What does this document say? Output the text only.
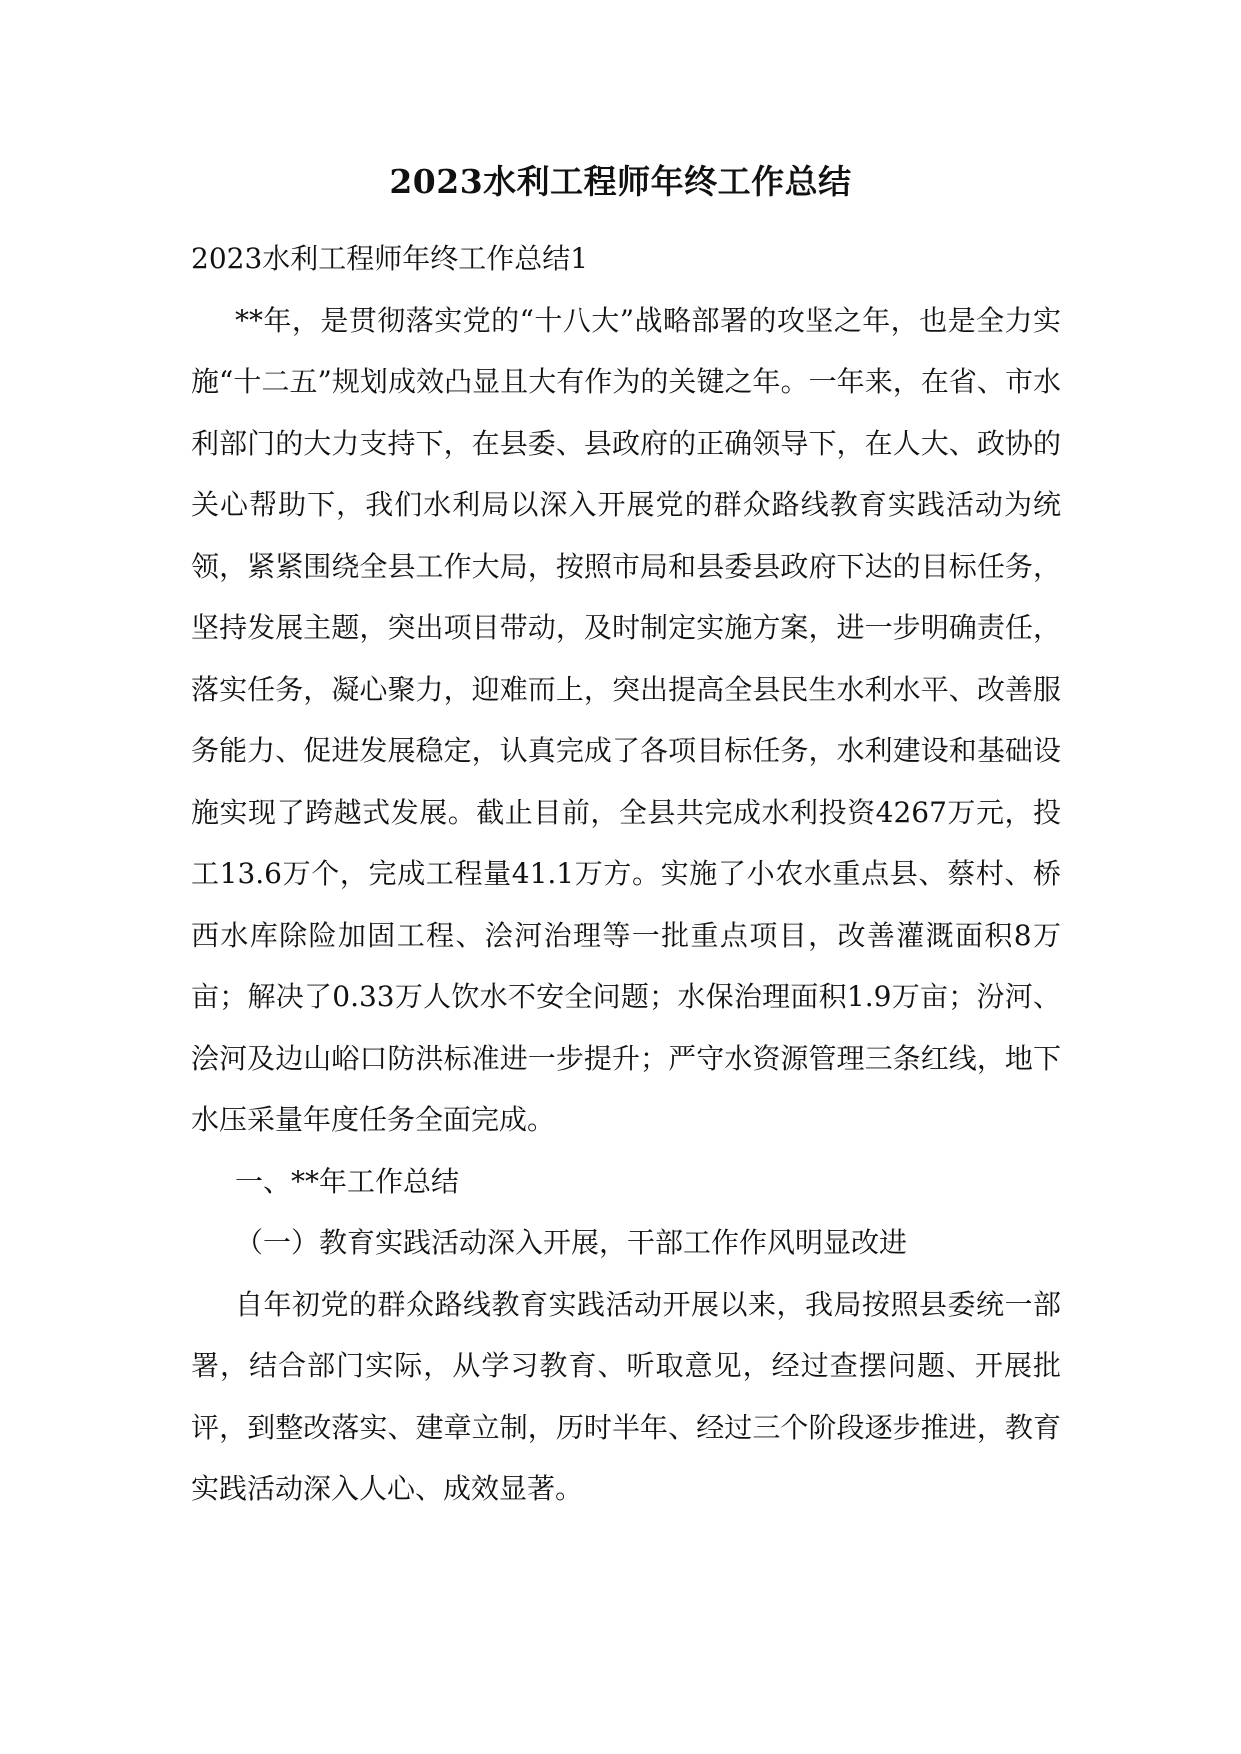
2023水利工程师年终工作总结

2023水利工程师年终工作总结1

**年，是贯彻落实党的“十八大”战略部署的攻坚之年，也是全力实施“十二五”规划成效凸显且大有作为的关键之年。一年来，在省、市水利部门的大力支持下，在县委、县政府的正确领导下，在人大、政协的关心帮助下，我们水利局以深入开展党的群众路线教育实践活动为统领，紧紧围绕全县工作大局，按照市局和县委县政府下达的目标任务，坚持发展主题，突出项目带动，及时制定实施方案，进一步明确责任，落实任务，凝心聚力，迎难而上，突出提高全县民生水利水平、改善服务能力、促进发展稳定，认真完成了各项目标任务，水利建设和基础设施实现了跨越式发展。截止目前，全县共完成水利投资4267万元，投工13.6万个，完成工程量41.1万方。实施了小农水重点县、蔡村、桥西水库除险加固工程、浍河治理等一批重点项目，改善灌溉面积8万亩；解决了0.33万人饮水不安全问题；水保治理面积1.9万亩；汾河、浍河及边山峪口防洪标准进一步提升；严守水资源管理三条红线，地下水压采量年度任务全面完成。

一、**年工作总结

（一）教育实践活动深入开展，干部工作作风明显改进

自年初党的群众路线教育实践活动开展以来，我局按照县委统一部署，结合部门实际，从学习教育、听取意见，经过查摆问题、开展批评，到整改落实、建章立制，历时半年、经过三个阶段逐步推进，教育实践活动深入人心、成效显著。
